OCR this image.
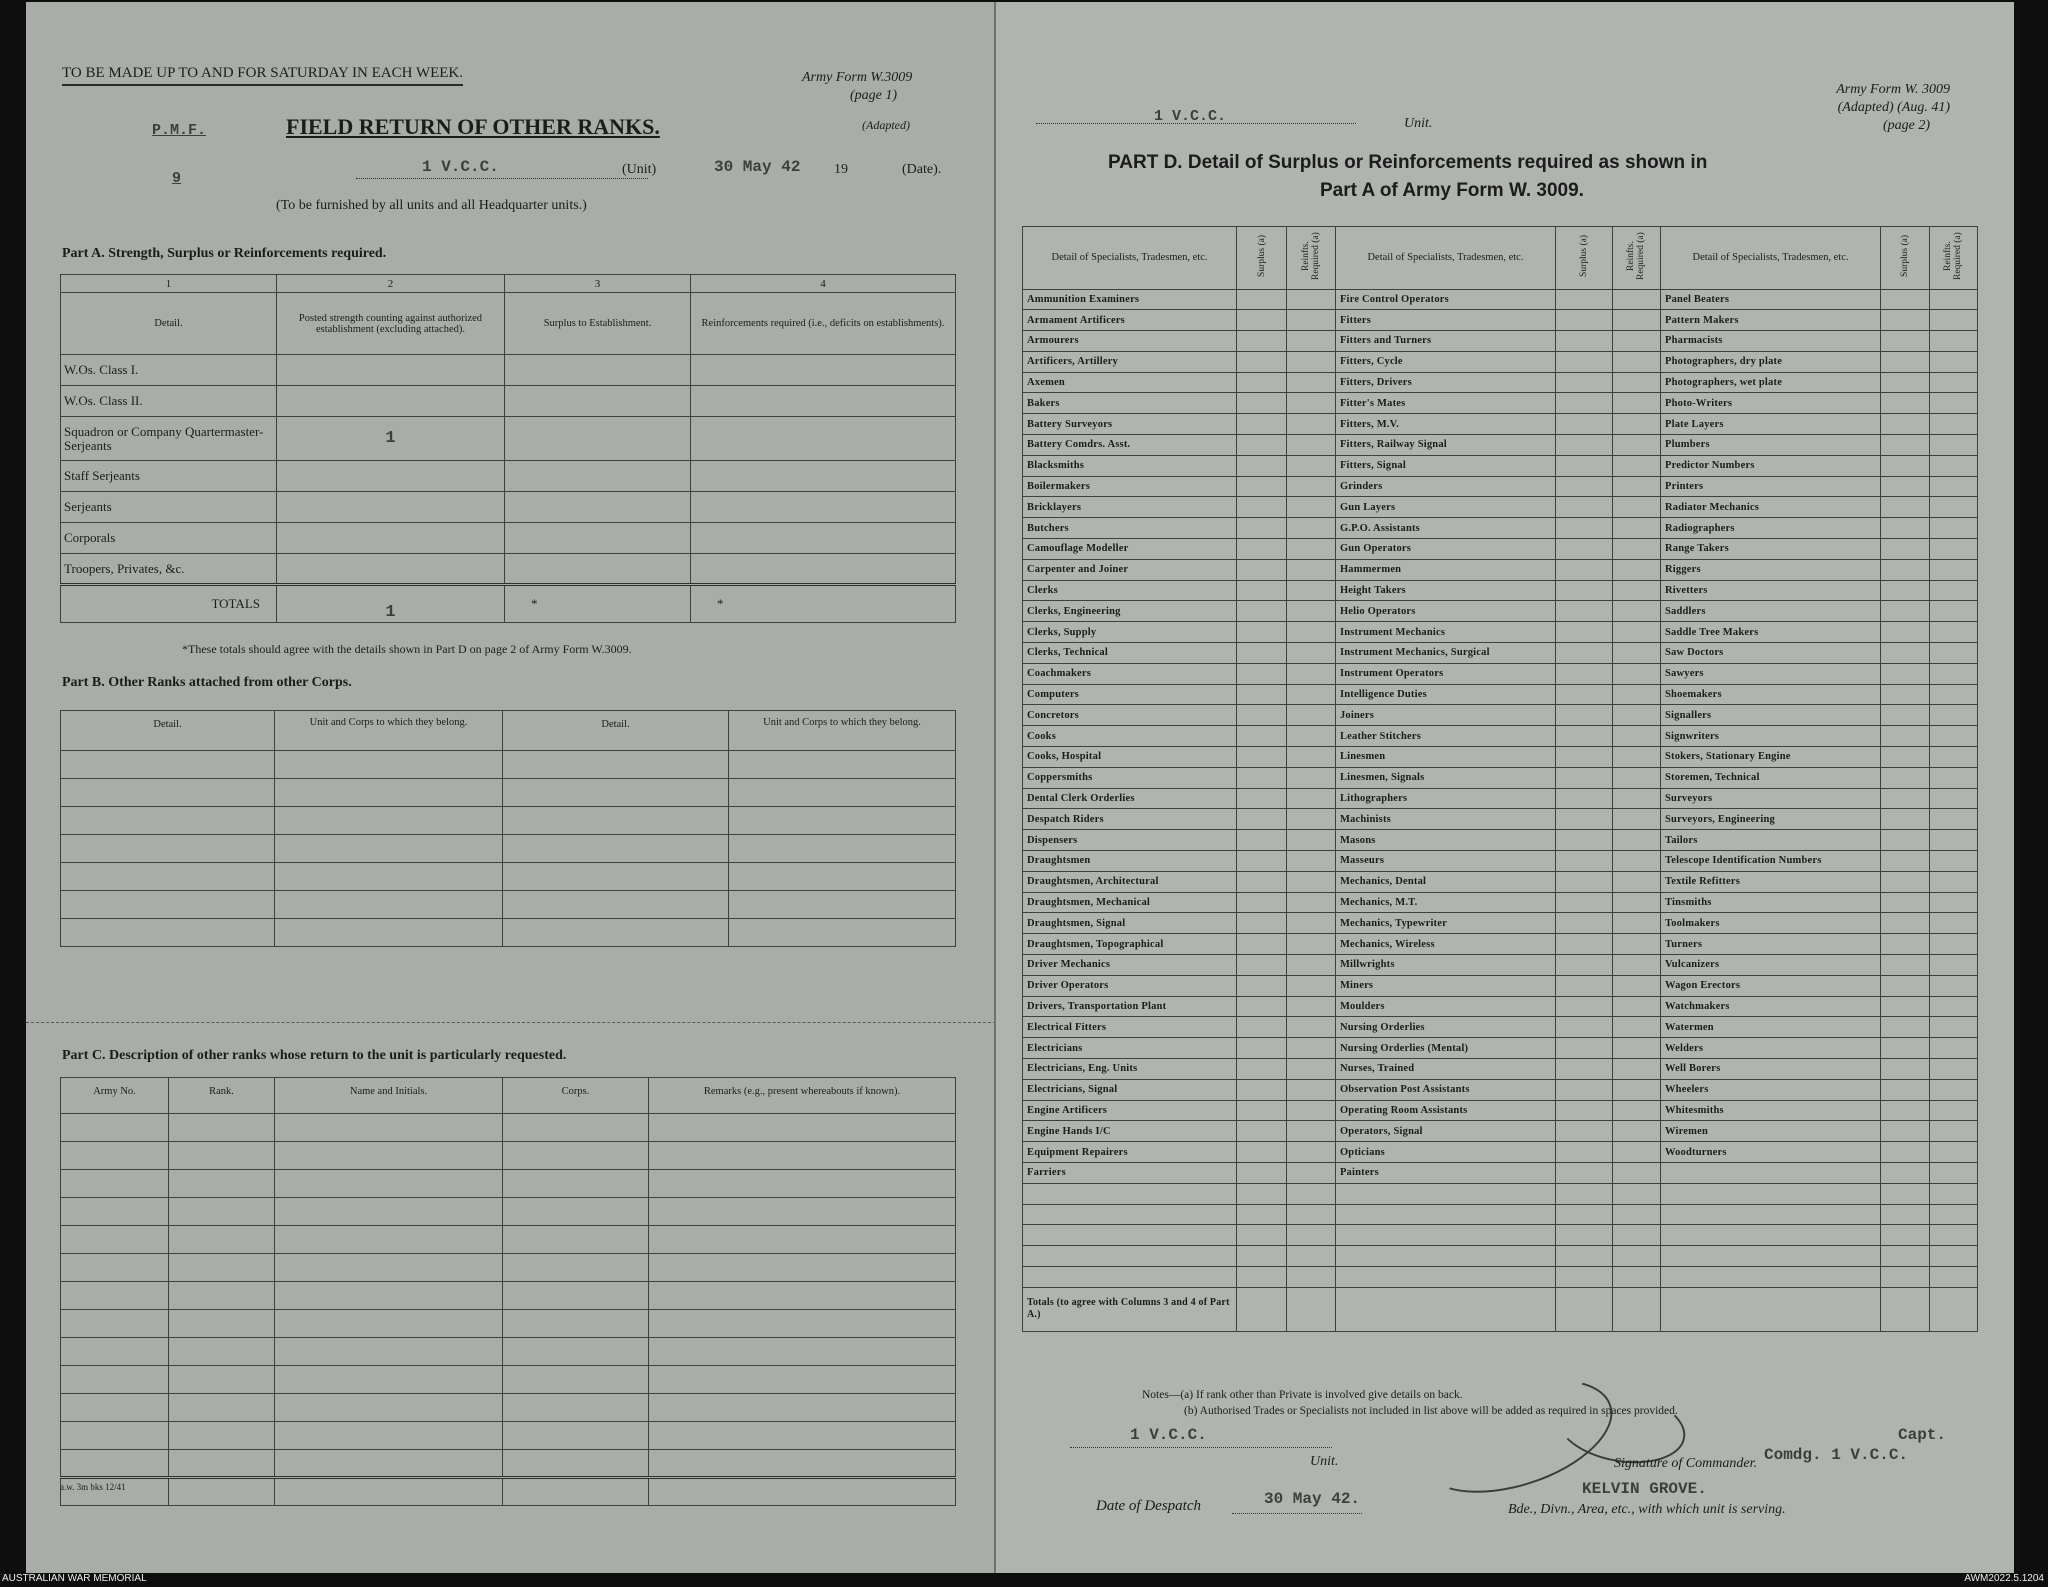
TO BE MADE UP TO AND FOR SATURDAY IN EACH WEEK.	Army Form W.3009
(page 1)
(Adapted)
P.M.F.
9
FIELD RETURN OF OTHER RANKS.
1 V.C.C.	(Unit)	30 May 42 19	(Date).
(To be furnished by all units and all Headquarter units.)
Part A. Strength, Surplus or Reinforcements required.
1	2	3	4
Detail.	Posted strength counting against authorized establishment (excluding attached).	Surplus to Establishment.	Reinforcements required (i.e., deficits on establishments).
W.Os. Class I.			
W.Os. Class II.			
Squadron or Company Quartermaster-Serjeants	1		
Staff Serjeants			
Serjeants			
Corporals			
Troopers, Privates, &c.			
TOTALS	1	*	*
*These totals should agree with the details shown in Part D on page 2 of Army Form W.3009.
Part B. Other Ranks attached from other Corps.
Detail.	Unit and Corps to which they belong.	Detail.	Unit and Corps to which they belong.

Part C. Description of other ranks whose return to the unit is particularly requested.
Army No.	Rank.	Name and Initials.	Corps.	Remarks (e.g., present whereabouts if known).

a.w. 3m bks 12/41
1 V.C.C.	Unit.
Army Form W. 3009
(Adapted) (Aug. 41)
(page 2)
PART D. Detail of Surplus or Reinforcements required as shown in
Part A of Army Form W. 3009.
Detail of Specialists, Tradesmen, etc.	Surplus (a)	Reinfts. Required (a)	Detail of Specialists, Tradesmen, etc.	Surplus (a)	Reinfts. Required (a)	Detail of Specialists, Tradesmen, etc.	Surplus (a)	Reinfts. Required (a)
Ammunition Examiners			Fire Control Operators			Panel Beaters		
Armament Artificers			Fitters			Pattern Makers		
Armourers			Fitters and Turners			Pharmacists		
Artificers, Artillery			Fitters, Cycle			Photographers, dry plate		
Axemen			Fitters, Drivers			Photographers, wet plate		
Bakers			Fitter's Mates			Photo-Writers		
Battery Surveyors			Fitters, M.V.			Plate Layers		
Battery Comdrs. Asst.			Fitters, Railway Signal			Plumbers		
Blacksmiths			Fitters, Signal			Predictor Numbers		
Boilermakers			Grinders			Printers		
Bricklayers			Gun Layers			Radiator Mechanics		
Butchers			G.P.O. Assistants			Radiographers		
Camouflage Modeller			Gun Operators			Range Takers		
Carpenter and Joiner			Hammermen			Riggers		
Clerks			Height Takers			Rivetters		
Clerks, Engineering			Helio Operators			Saddlers		
Clerks, Supply			Instrument Mechanics			Saddle Tree Makers		
Clerks, Technical			Instrument Mechanics, Surgical			Saw Doctors		
Coachmakers			Instrument Operators			Sawyers		
Computers			Intelligence Duties			Shoemakers		
Concretors			Joiners			Signallers		
Cooks			Leather Stitchers			Signwriters		
Cooks, Hospital			Linesmen			Stokers, Stationary Engine		
Coppersmiths			Linesmen, Signals			Storemen, Technical		
Dental Clerk Orderlies			Lithographers			Surveyors		
Despatch Riders			Machinists			Surveyors, Engineering		
Dispensers			Masons			Tailors		
Draughtsmen			Masseurs			Telescope Identification Numbers		
Draughtsmen, Architectural			Mechanics, Dental			Textile Refitters		
Draughtsmen, Mechanical			Mechanics, M.T.			Tinsmiths		
Draughtsmen, Signal			Mechanics, Typewriter			Toolmakers		
Draughtsmen, Topographical			Mechanics, Wireless			Turners		
Driver Mechanics			Millwrights			Vulcanizers		
Driver Operators			Miners			Wagon Erectors		
Drivers, Transportation Plant			Moulders			Watchmakers		
Electrical Fitters			Nursing Orderlies			Watermen		
Electricians			Nursing Orderlies (Mental)			Welders		
Electricians, Eng. Units			Nurses, Trained			Well Borers		
Electricians, Signal			Observation Post Assistants			Wheelers		
Engine Artificers			Operating Room Assistants			Whitesmiths		
Engine Hands I/C			Operators, Signal			Wiremen		
Equipment Repairers			Opticians			Woodturners		
Farriers			Painters					

Totals (to agree with Columns 3 and 4 of Part A.)								
Notes—(a) If rank other than Private is involved give details on back.
(b) Authorised Trades or Specialists not included in list above will be added as required in spaces provided.
1 V.C.C.
Unit.
Capt.
Comdg. 1 V.C.C.
Signature of Commander.
Date of Despatch	30 May 42.
KELVIN GROVE.
Bde., Divn., Area, etc., with which unit is serving.
AUSTRALIAN WAR MEMORIAL	AWM2022.5.1204
